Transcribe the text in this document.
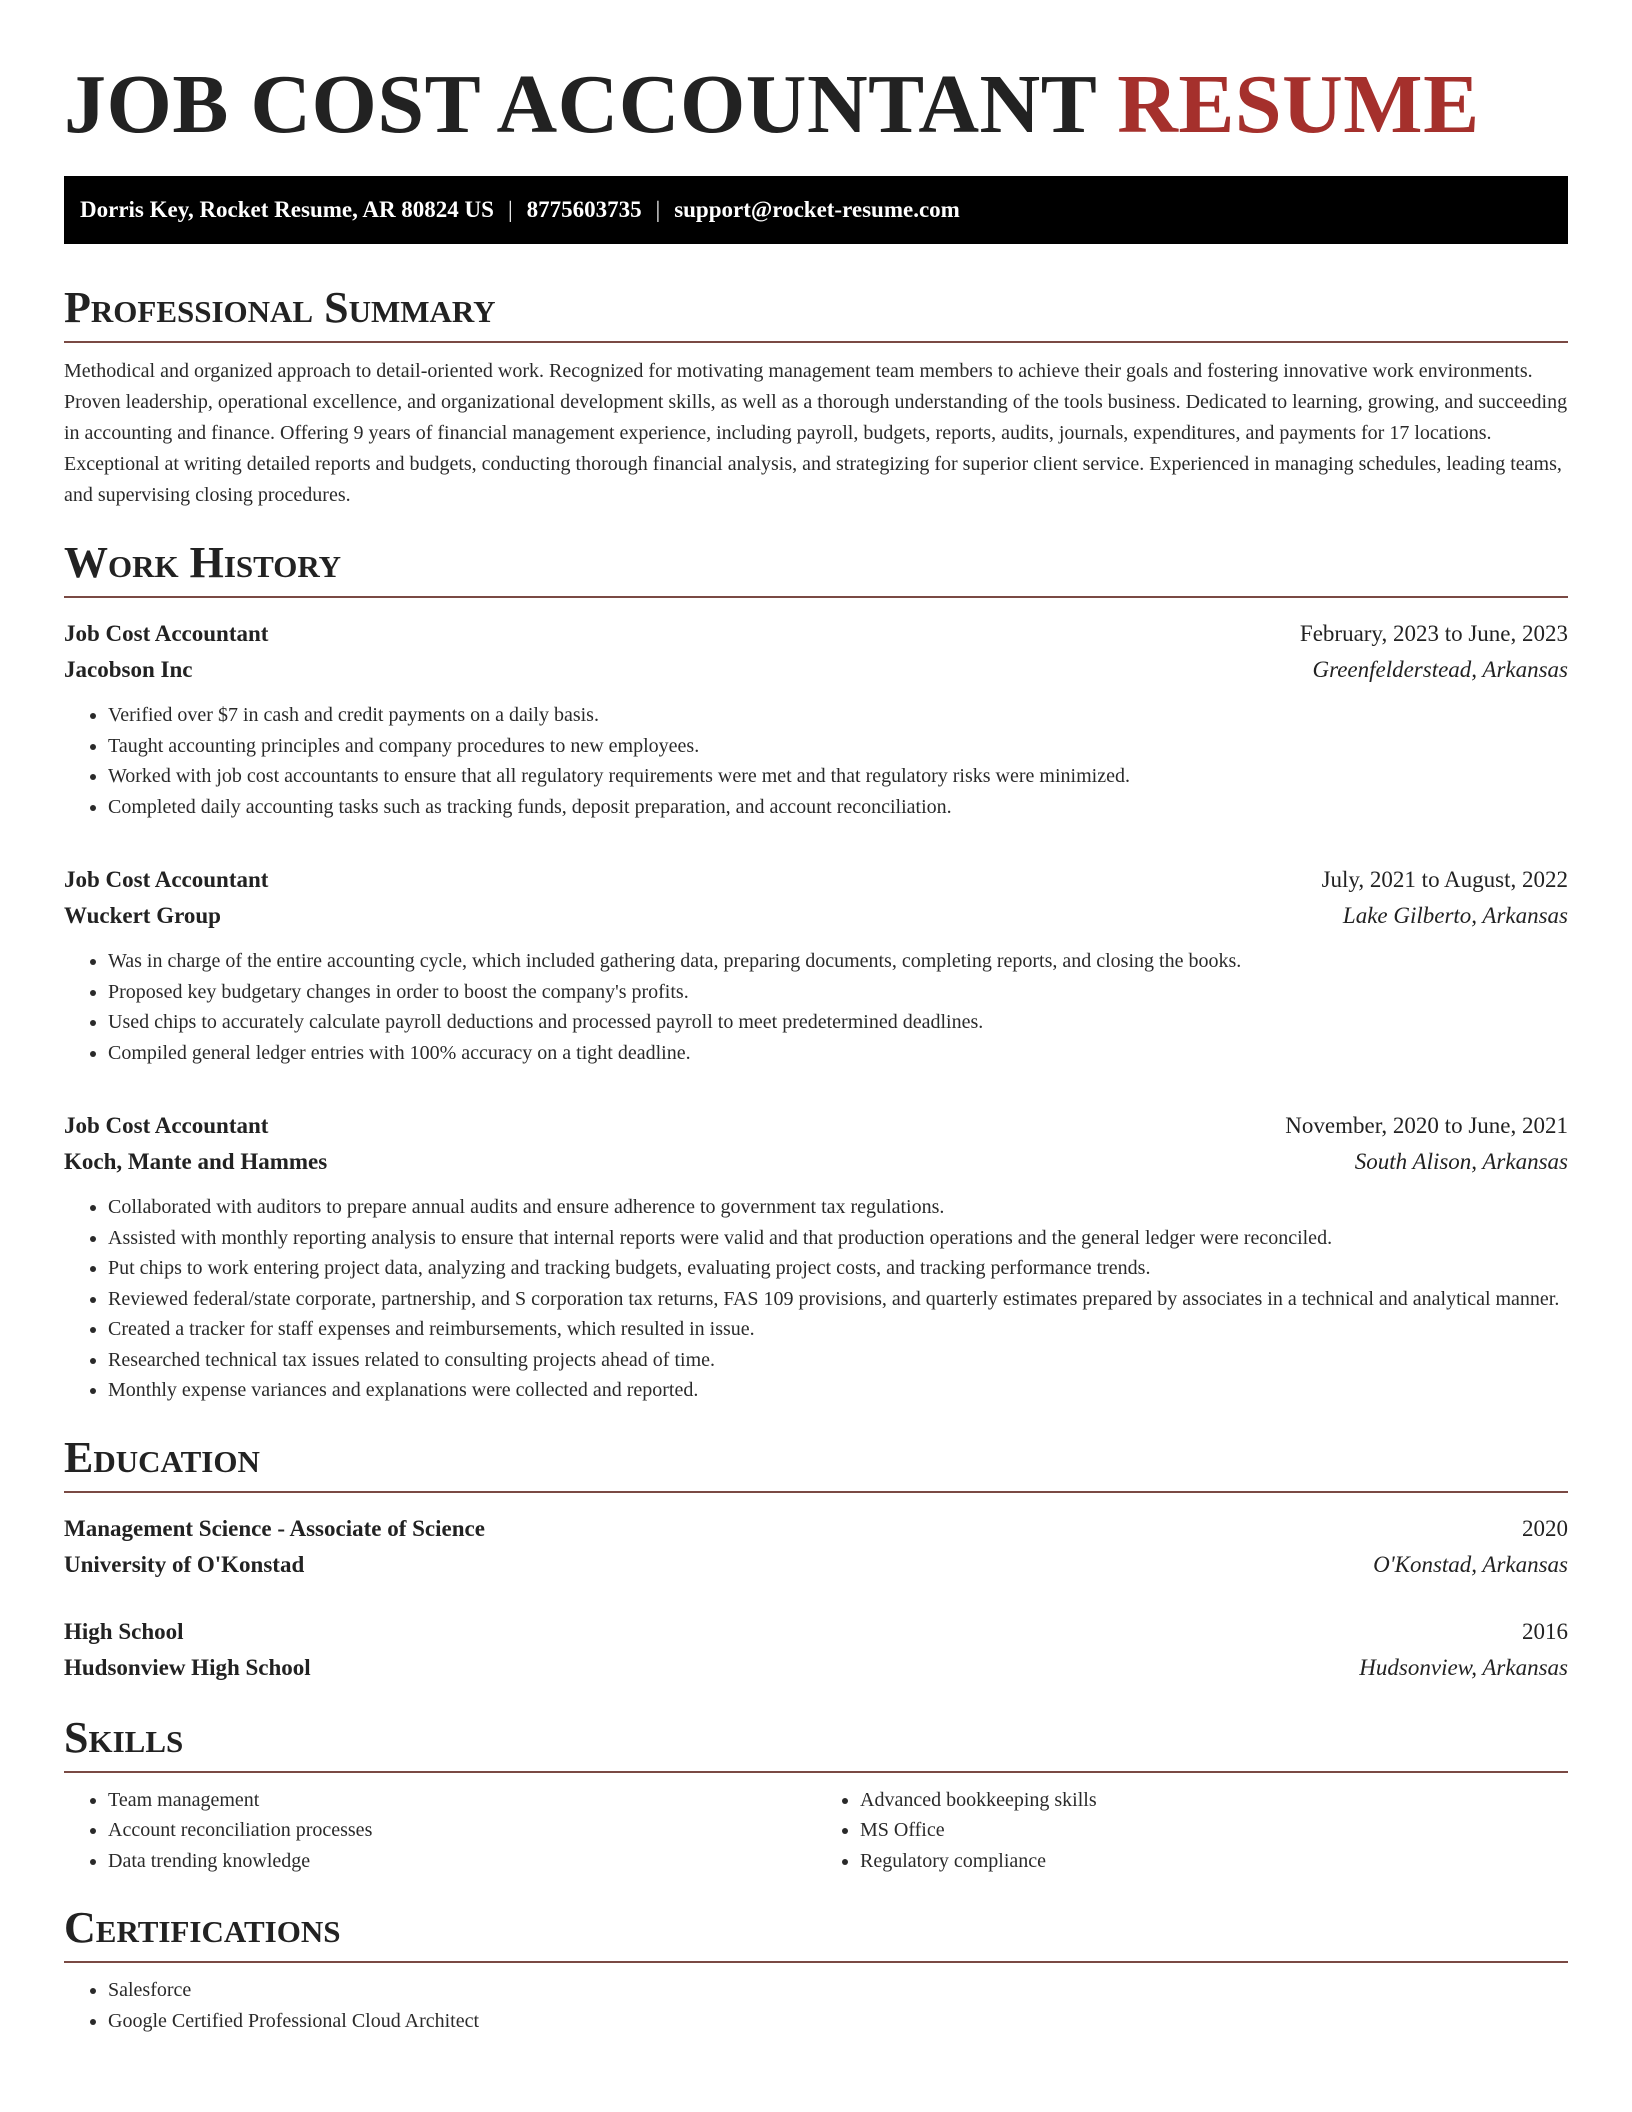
JOB COST ACCOUNTANT RESUME
Dorris Key, Rocket Resume, AR 80824 US | 8775603735 | support@rocket-resume.com
Professional Summary

Methodical and organized approach to detail-oriented work. Recognized for motivating management team members to achieve their goals and fostering innovative work environments. Proven leadership, operational excellence, and organizational development skills, as well as a thorough understanding of the tools business. Dedicated to learning, growing, and succeeding in accounting and finance. Offering 9 years of financial management experience, including payroll, budgets, reports, audits, journals, expenditures, and payments for 17 locations. Exceptional at writing detailed reports and budgets, conducting thorough financial analysis, and strategizing for superior client service. Experienced in managing schedules, leading teams, and supervising closing procedures.

Work History
Job Cost Accountant	February, 2023 to June, 2023
Jacobson Inc	Greenfelderstead, Arkansas
• Verified over $7 in cash and credit payments on a daily basis.
• Taught accounting principles and company procedures to new employees.
• Worked with job cost accountants to ensure that all regulatory requirements were met and that regulatory risks were minimized.
• Completed daily accounting tasks such as tracking funds, deposit preparation, and account reconciliation.
Job Cost Accountant	July, 2021 to August, 2022
Wuckert Group	Lake Gilberto, Arkansas
• Was in charge of the entire accounting cycle, which included gathering data, preparing documents, completing reports, and closing the books.
• Proposed key budgetary changes in order to boost the company's profits.
• Used chips to accurately calculate payroll deductions and processed payroll to meet predetermined deadlines.
• Compiled general ledger entries with 100% accuracy on a tight deadline.
Job Cost Accountant	November, 2020 to June, 2021
Koch, Mante and Hammes	South Alison, Arkansas
• Collaborated with auditors to prepare annual audits and ensure adherence to government tax regulations.
• Assisted with monthly reporting analysis to ensure that internal reports were valid and that production operations and the general ledger were reconciled.
• Put chips to work entering project data, analyzing and tracking budgets, evaluating project costs, and tracking performance trends.
• Reviewed federal/state corporate, partnership, and S corporation tax returns, FAS 109 provisions, and quarterly estimates prepared by associates in a technical and analytical manner.
• Created a tracker for staff expenses and reimbursements, which resulted in issue.
• Researched technical tax issues related to consulting projects ahead of time.
• Monthly expense variances and explanations were collected and reported.
Education
Management Science - Associate of Science	2020
University of O'Konstad	O'Konstad, Arkansas
High School	2016
Hudsonview High School	Hudsonview, Arkansas
Skills
• Team management
• Account reconciliation processes
• Data trending knowledge
• Advanced bookkeeping skills
• MS Office
• Regulatory compliance
Certifications
• Salesforce
• Google Certified Professional Cloud Architect
